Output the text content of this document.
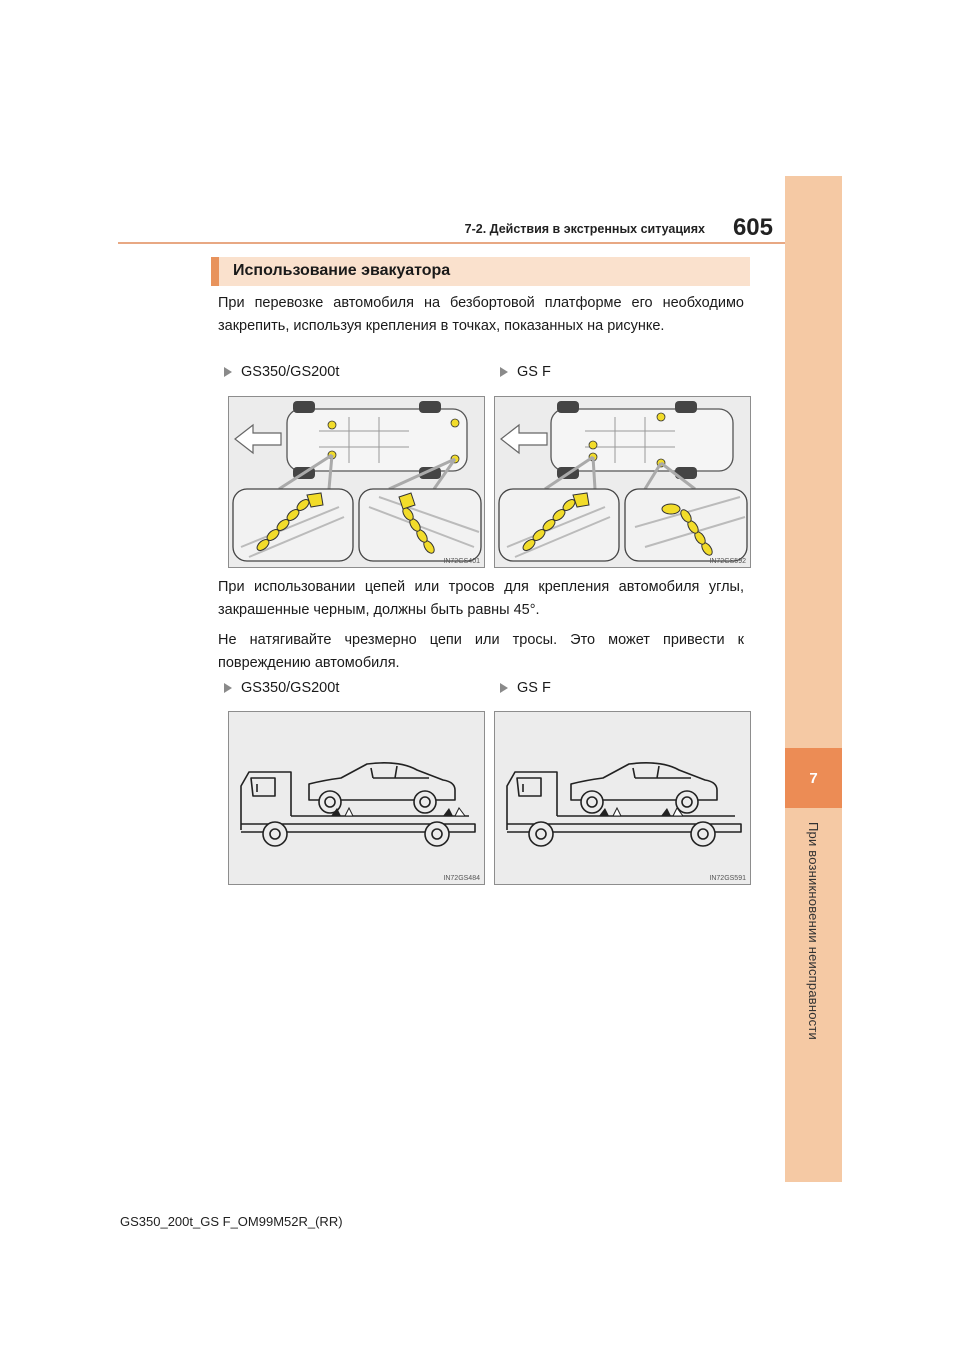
7
При возникновении неисправности
7-2. Действия в экстренных ситуациях	605
Использование эвакуатора

При перевозке автомобиля на безбортовой платформе его необходимо закрепить, используя крепления в точках, показанных на рисунке.

GS350/GS200t	GS F
IN72GS401	IN72GS592

При использовании цепей или тросов для крепления автомобиля углы, закрашенные черным, должны быть равны 45°.

Не натягивайте чрезмерно цепи или тросы. Это может привести к повреждению автомобиля.

GS350/GS200t	GS F
IN72GS484	IN72GS591
GS350_200t_GS F_OM99M52R_(RR)
